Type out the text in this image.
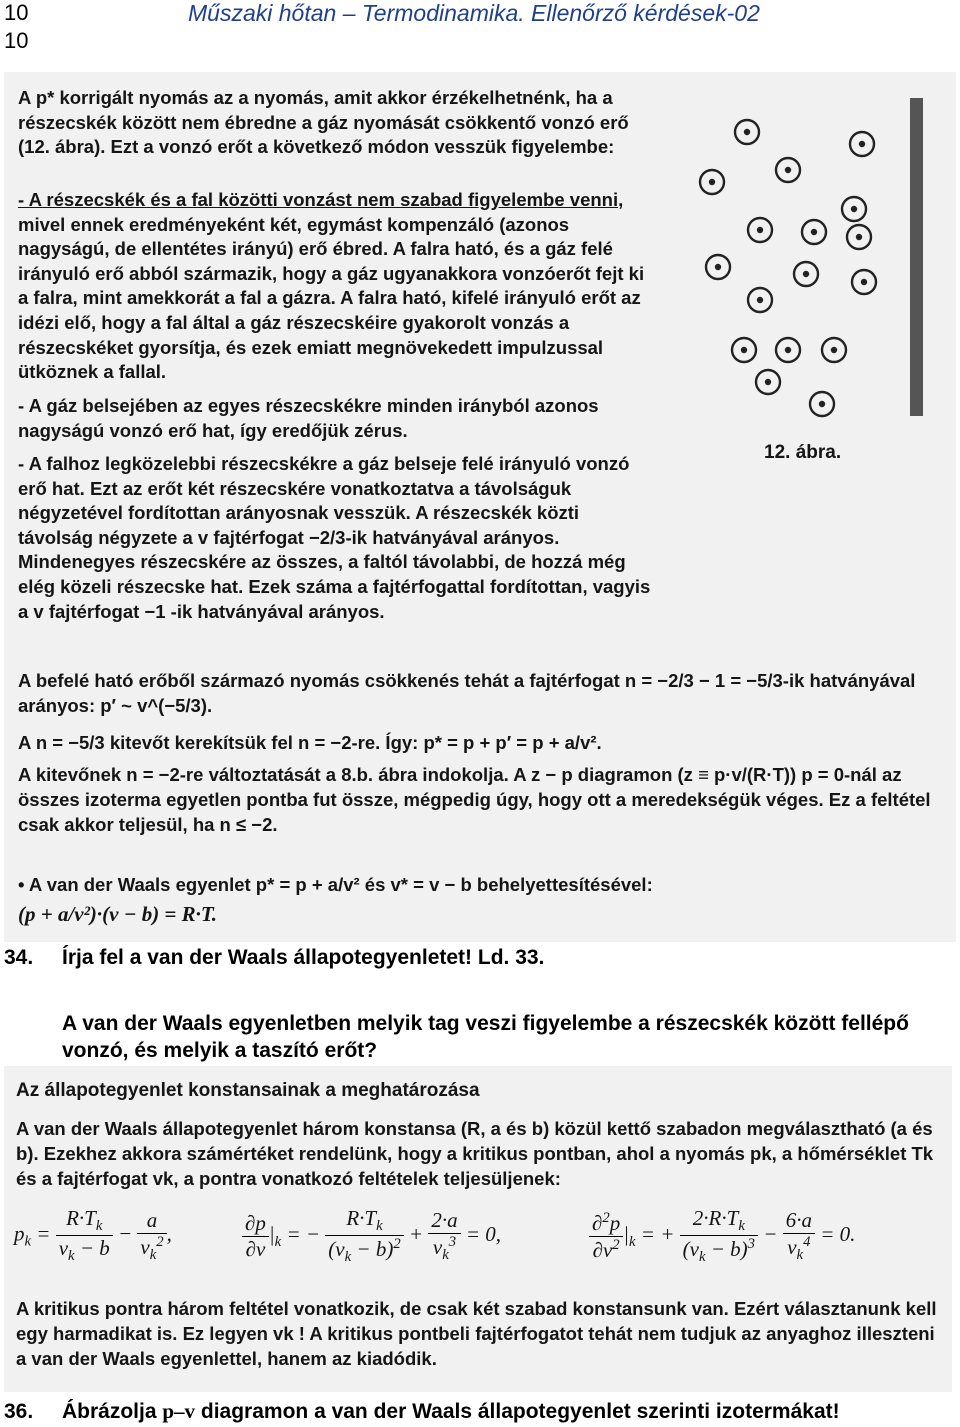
10
10
Műszaki hőtan – Termodinamika. Ellenőrző kérdések-02

A p* korrigált nyomás az a nyomás, amit akkor érzékelhetnénk, ha a részecskék között nem ébredne a gáz nyomását csökkentő vonzó erő (12. ábra). Ezt a vonzó erőt a következő módon vesszük figyelembe:

- A részecskék és a fal közötti vonzást nem szabad figyelembe venni, mivel ennek eredményeként két, egymást kompenzáló (azonos nagyságú, de ellentétes irányú) erő ébred. A falra ható, és a gáz felé irányuló erő abból származik, hogy a gáz ugyanakkora vonzóerőt fejt ki a falra, mint amekkorát a fal a gázra. A falra ható, kifelé irányuló erőt az idézi elő, hogy a fal által a gáz részecskéire gyakorolt vonzás a részecskéket gyorsítja, és ezek emiatt megnövekedett impulzussal ütköznek a fallal.

- A gáz belsejében az egyes részecskékre minden irányból azonos nagyságú vonzó erő hat, így eredőjük zérus.

- A falhoz legközelebbi részecskékre a gáz belseje felé irányuló vonzó erő hat. Ezt az erőt két részecskére vonatkoztatva a távolságuk négyzetével fordítottan arányosnak vesszük. A részecskék közti távolság négyzete a v fajtérfogat −2/3-ik hatványával arányos. Mindenegyes részecskére az összes, a faltól távolabbi, de hozzá még elég közeli részecske hat. Ezek száma a fajtérfogattal fordítottan, vagyis a v fajtérfogat −1 -ik hatványával arányos.

A befelé ható erőből származó nyomás csökkenés tehát a fajtérfogat n = −2/3 − 1 = −5/3-ik hatványával arányos: p′ ~ v^(−5/3).

A n = −5/3 kitevőt kerekítsük fel n = −2-re. Így: p* = p + p′ = p + a/v².

A kitevőnek n = −2-re változtatását a 8.b. ábra indokolja. A z − p diagramon (z ≡ p·v/(R·T)) p = 0-nál az összes izoterma egyetlen pontba fut össze, mégpedig úgy, hogy ott a meredekségük véges. Ez a feltétel csak akkor teljesül, ha n ≤ −2.

• A van der Waals egyenlet p* = p + a/v² és v* = v − b behelyettesítésével:

(p + a/v²)·(v − b) = R·T.

12. ábra.
34. Írja fel a van der Waals állapotegyenletet! Ld. 33.
A van der Waals egyenletben melyik tag veszi figyelembe a részecskék között fellépő vonzó, és melyik a taszító erőt?
Az állapotegyenlet konstansainak a meghatározása

A van der Waals állapotegyenlet három konstansa (R, a és b) közül kettő szabadon megválasztható (a és b). Ezekhez akkora számértéket rendelünk, hogy a kritikus pontban, ahol a nyomás pk, a hőmérséklet Tk és a fajtérfogat vk, a pontra vonatkozó feltételek teljesüljenek:

$p_k = \frac{R\cdot T_k}{v_k - b} - \frac{a}{v_k^2}$ ,	$\frac{\partial p}{\partial v} |_k$ = − $\frac{R\cdot T_k}{(v_k - b)^2} + \frac{2\cdot a}{v_k^3} = 0$,	$\frac{\partial^2p}{\partial v^2} |_k$ = + $\frac{2\cdot R\cdot T_k}{(v_k - b)^3} - \frac{6\cdot a}{v_k^4} = 0$.

A kritikus pontra három feltétel vonatkozik, de csak két szabad konstansunk van. Ezért választanunk kell egy harmadikat is. Ez legyen vk ! A kritikus pontbeli fajtérfogatot tehát nem tudjuk az anyaghoz illeszteni a van der Waals egyenlettel, hanem az kiadódik.

36. Ábrázolja p–v diagramon a van der Waals állapotegyenlet szerinti izotermákat!
